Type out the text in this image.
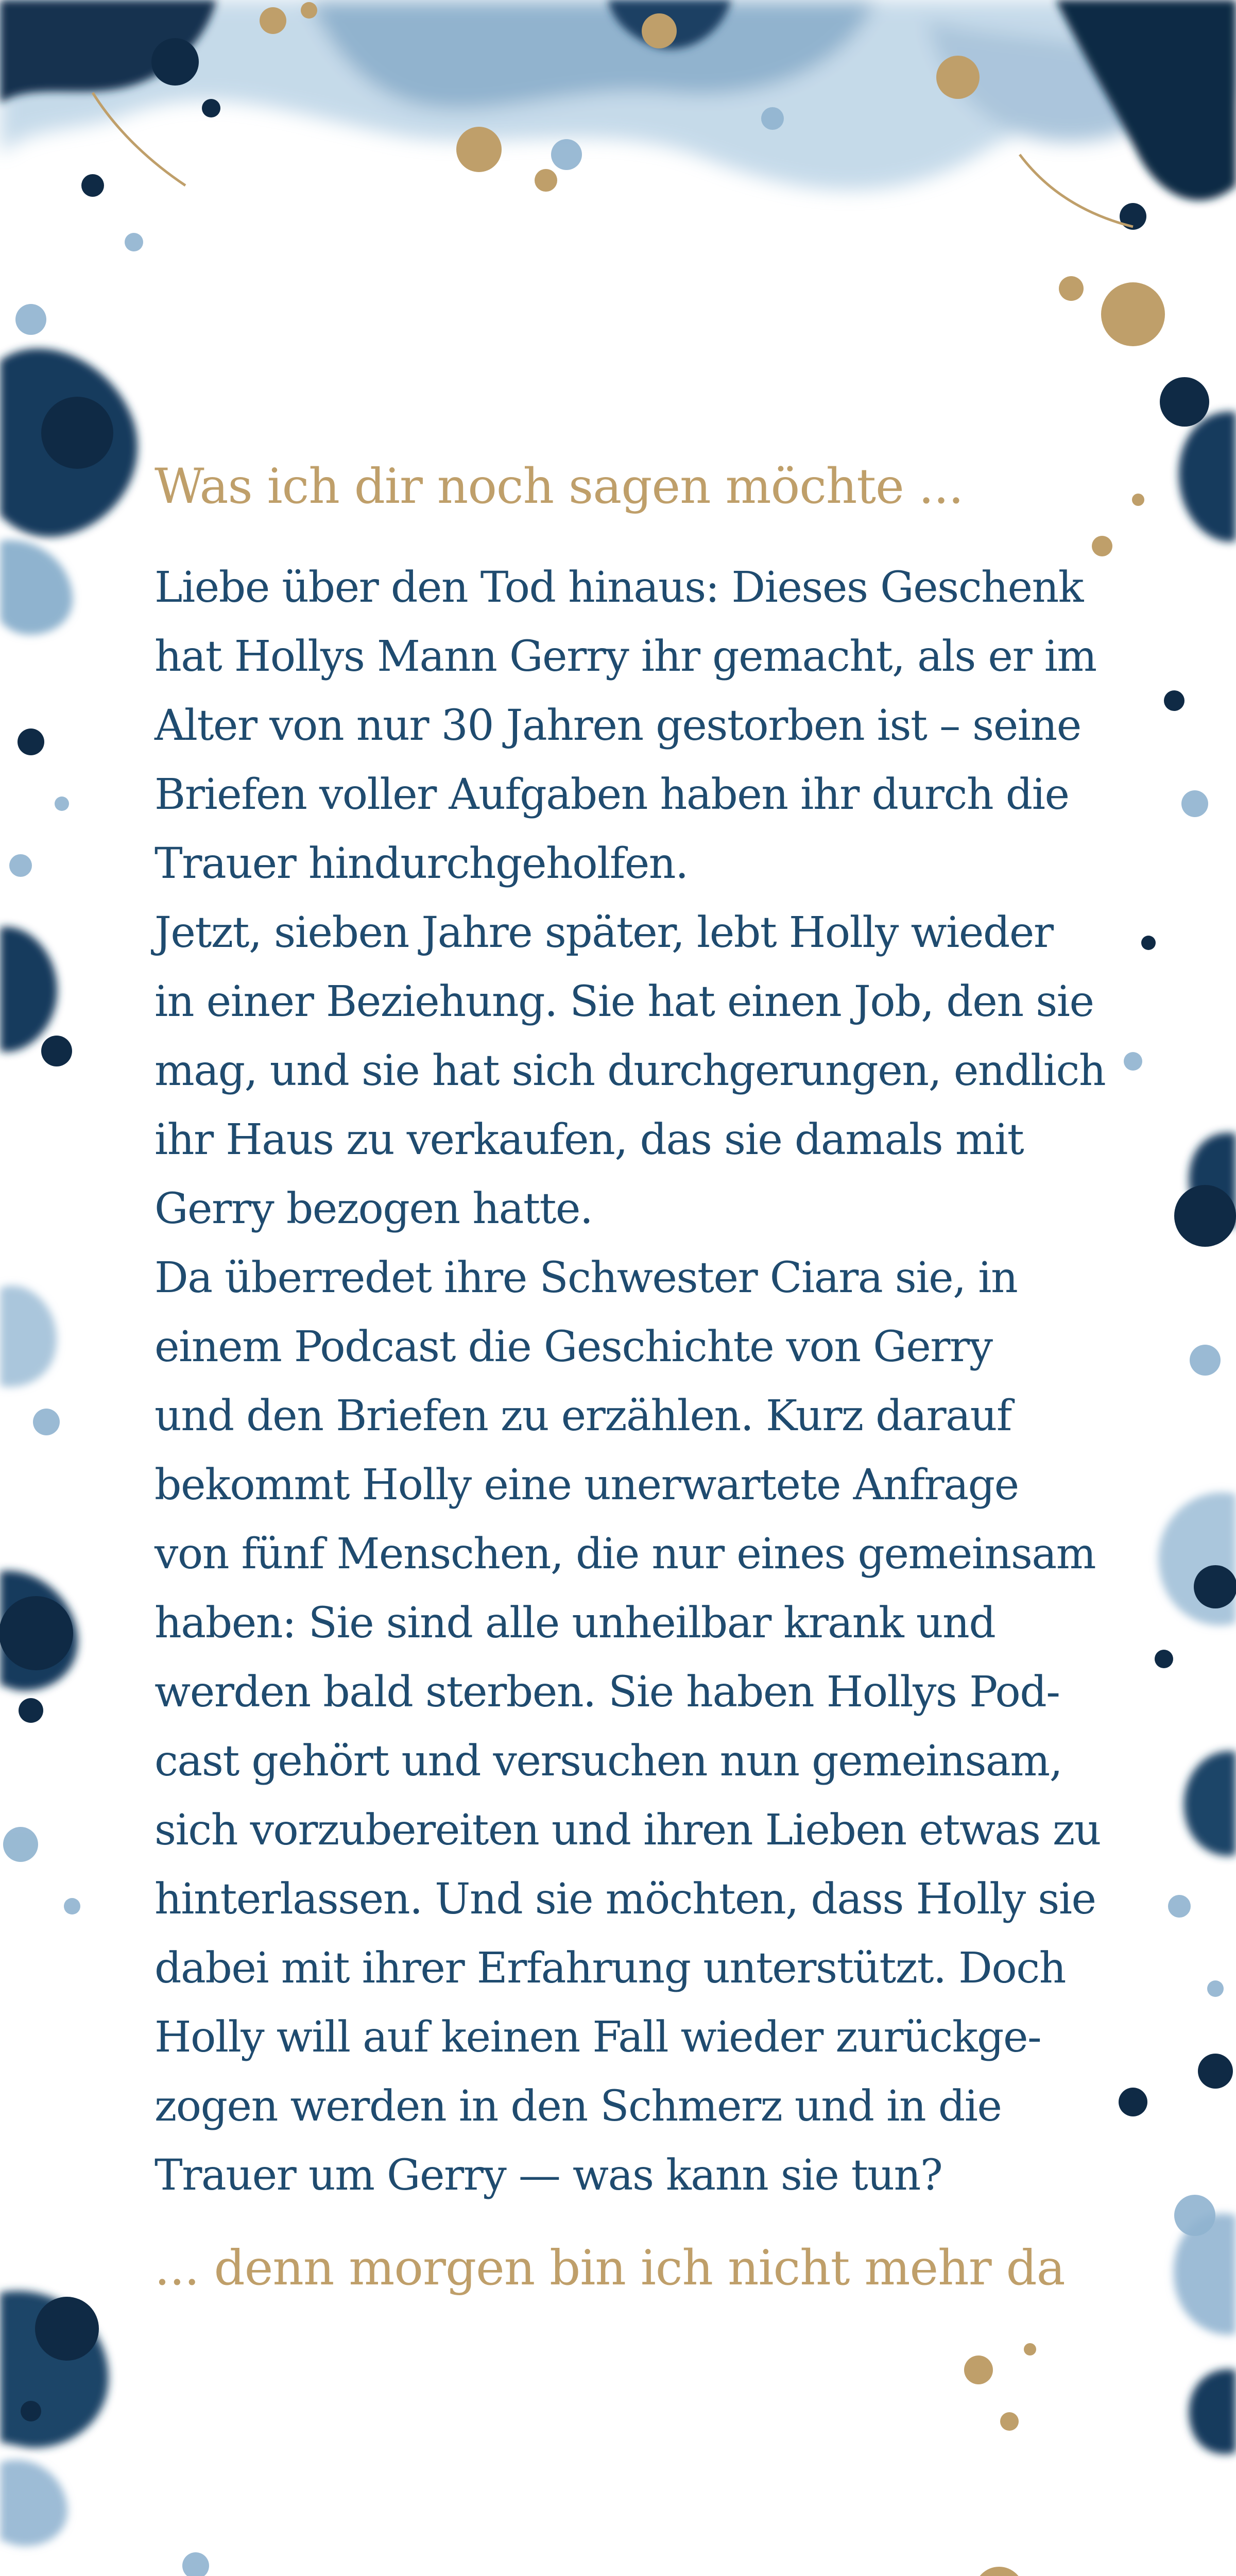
Was ich dir noch sagen möchte ...

Liebe über den Tod hinaus: Dieses Geschenk
hat Hollys Mann Gerry ihr gemacht, als er im
Alter von nur 30 Jahren gestorben ist – seine
Briefen voller Aufgaben haben ihr durch die
Trauer hindurchgeholfen.

Jetzt, sieben Jahre später, lebt Holly wieder
in einer Beziehung. Sie hat einen Job, den sie
mag, und sie hat sich durchgerungen, endlich
ihr Haus zu verkaufen, das sie damals mit
Gerry bezogen hatte.

Da überredet ihre Schwester Ciara sie, in
einem Podcast die Geschichte von Gerry
und den Briefen zu erzählen. Kurz darauf
bekommt Holly eine unerwartete Anfrage
von fünf Menschen, die nur eines gemeinsam
haben: Sie sind alle unheilbar krank und
werden bald sterben. Sie haben Hollys Pod-
cast gehört und versuchen nun gemeinsam,
sich vorzubereiten und ihren Lieben etwas zu
hinterlassen. Und sie möchten, dass Holly sie
dabei mit ihrer Erfahrung unterstützt. Doch
Holly will auf keinen Fall wieder zurückge-
zogen werden in den Schmerz und in die
Trauer um Gerry — was kann sie tun?

... denn morgen bin ich nicht mehr da
